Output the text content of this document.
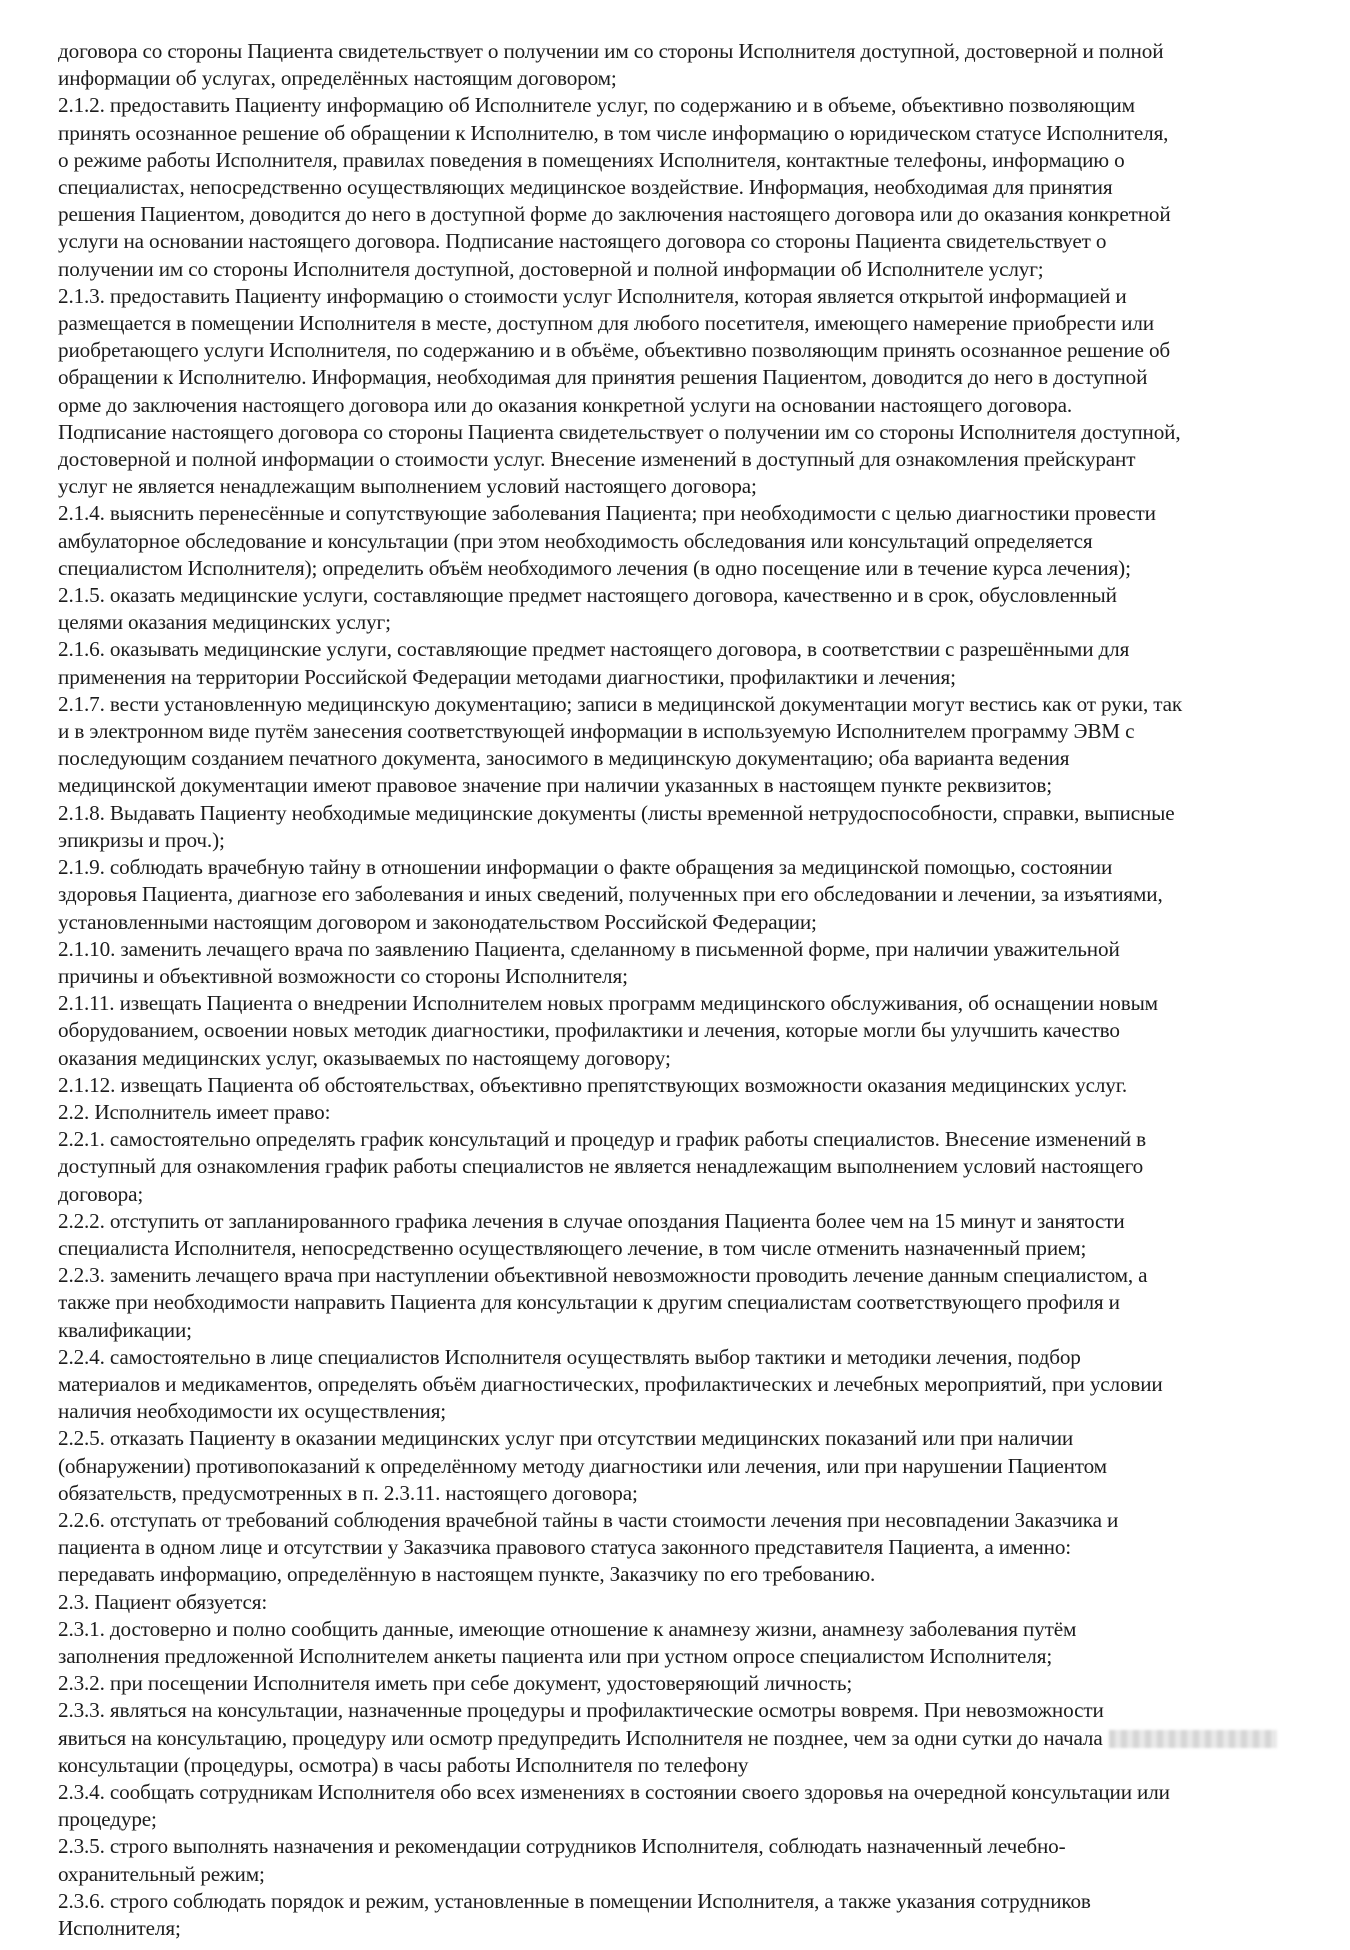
договора со стороны Пациента свидетельствует о получении им со стороны Исполнителя доступной, достоверной и полной
информации об услугах, определённых настоящим договором;
2.1.2. предоставить Пациенту информацию об Исполнителе услуг, по содержанию и в объеме, объективно позволяющим
принять осознанное решение об обращении к Исполнителю, в том числе информацию о юридическом статусе Исполнителя,
о режиме работы Исполнителя, правилах поведения в помещениях Исполнителя, контактные телефоны, информацию о
специалистах, непосредственно осуществляющих медицинское воздействие. Информация, необходимая для принятия
решения Пациентом, доводится до него в доступной форме до заключения настоящего договора или до оказания конкретной
услуги на основании настоящего договора. Подписание настоящего договора со стороны Пациента свидетельствует о
получении им со стороны Исполнителя доступной, достоверной и полной информации об Исполнителе услуг;
2.1.3. предоставить Пациенту информацию о стоимости услуг Исполнителя, которая является открытой информацией и
размещается в помещении Исполнителя в месте, доступном для любого посетителя, имеющего намерение приобрести или
риобретающего услуги Исполнителя, по содержанию и в объёме, объективно позволяющим принять осознанное решение об
обращении к Исполнителю. Информация, необходимая для принятия решения Пациентом, доводится до него в доступной
орме до заключения настоящего договора или до оказания конкретной услуги на основании настоящего договора.
Подписание настоящего договора со стороны Пациента свидетельствует о получении им со стороны Исполнителя доступной,
достоверной и полной информации о стоимости услуг. Внесение изменений в доступный для ознакомления прейскурант
услуг не является ненадлежащим выполнением условий настоящего договора;
2.1.4. выяснить перенесённые и сопутствующие заболевания Пациента; при необходимости с целью диагностики провести
амбулаторное обследование и консультации (при этом необходимость обследования или консультаций определяется
специалистом Исполнителя); определить объём необходимого лечения (в одно посещение или в течение курса лечения);
2.1.5. оказать медицинские услуги, составляющие предмет настоящего договора, качественно и в срок, обусловленный
целями оказания медицинских услуг;
2.1.6. оказывать медицинские услуги, составляющие предмет настоящего договора, в соответствии с разрешёнными для
применения на территории Российской Федерации методами диагностики, профилактики и лечения;
2.1.7. вести установленную медицинскую документацию; записи в медицинской документации могут вестись как от руки, так
и в электронном виде путём занесения соответствующей информации в используемую Исполнителем программу ЭВМ с
последующим созданием печатного документа, заносимого в медицинскую документацию; оба варианта ведения
медицинской документации имеют правовое значение при наличии указанных в настоящем пункте реквизитов;
2.1.8. Выдавать Пациенту необходимые медицинские документы (листы временной нетрудоспособности, справки, выписные
эпикризы и проч.);
2.1.9. соблюдать врачебную тайну в отношении информации о факте обращения за медицинской помощью, состоянии
здоровья Пациента, диагнозе его заболевания и иных сведений, полученных при его обследовании и лечении, за изъятиями,
установленными настоящим договором и законодательством Российской Федерации;
2.1.10. заменить лечащего врача по заявлению Пациента, сделанному в письменной форме, при наличии уважительной
причины и объективной возможности со стороны Исполнителя;
2.1.11. извещать Пациента о внедрении Исполнителем новых программ медицинского обслуживания, об оснащении новым
оборудованием, освоении новых методик диагностики, профилактики и лечения, которые могли бы улучшить качество
оказания медицинских услуг, оказываемых по настоящему договору;
2.1.12. извещать Пациента об обстоятельствах, объективно препятствующих возможности оказания медицинских услуг.
2.2. Исполнитель имеет право:
2.2.1. самостоятельно определять график консультаций и процедур и график работы специалистов. Внесение изменений в
доступный для ознакомления график работы специалистов не является ненадлежащим выполнением условий настоящего
договора;
2.2.2. отступить от запланированного графика лечения в случае опоздания Пациента более чем на 15 минут и занятости
специалиста Исполнителя, непосредственно осуществляющего лечение, в том числе отменить назначенный прием;
2.2.3. заменить лечащего врача при наступлении объективной невозможности проводить лечение данным специалистом, а
также при необходимости направить Пациента для консультации к другим специалистам соответствующего профиля и
квалификации;
2.2.4. самостоятельно в лице специалистов Исполнителя осуществлять выбор тактики и методики лечения, подбор
материалов и медикаментов, определять объём диагностических, профилактических и лечебных мероприятий, при условии
наличия необходимости их осуществления;
2.2.5. отказать Пациенту в оказании медицинских услуг при отсутствии медицинских показаний или при наличии
(обнаружении) противопоказаний к определённому методу диагностики или лечения, или при нарушении Пациентом
обязательств, предусмотренных в п. 2.3.11. настоящего договора;
2.2.6. отступать от требований соблюдения врачебной тайны в части стоимости лечения при несовпадении Заказчика и
пациента в одном лице и отсутствии у Заказчика правового статуса законного представителя Пациента, а именно:
передавать информацию, определённую в настоящем пункте, Заказчику по его требованию.
2.3. Пациент обязуется:
2.3.1. достоверно и полно сообщить данные, имеющие отношение к анамнезу жизни, анамнезу заболевания путём
заполнения предложенной Исполнителем анкеты пациента или при устном опросе специалистом Исполнителя;
2.3.2. при посещении Исполнителя иметь при себе документ, удостоверяющий личность;
2.3.3. являться на консультации, назначенные процедуры и профилактические осмотры вовремя. При невозможности
явиться на консультацию, процедуру или осмотр предупредить Исполнителя не позднее, чем за одни сутки до начала
консультации (процедуры, осмотра) в часы работы Исполнителя по телефону
2.3.4. сообщать сотрудникам Исполнителя обо всех изменениях в состоянии своего здоровья на очередной консультации или
процедуре;
2.3.5. строго выполнять назначения и рекомендации сотрудников Исполнителя, соблюдать назначенный лечебно-
охранительный режим;
2.3.6. строго соблюдать порядок и режим, установленные в помещении Исполнителя, а также указания сотрудников
Исполнителя;
